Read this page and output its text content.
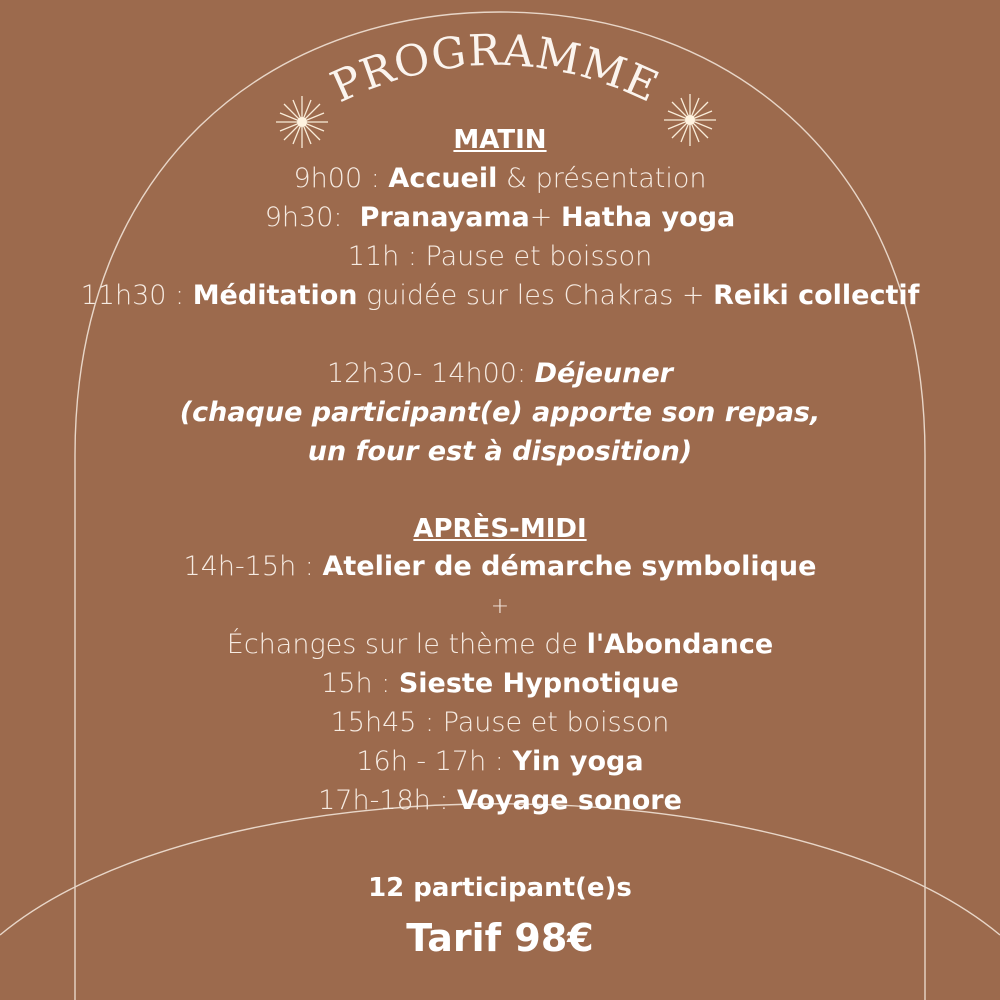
PROGRAMME
MATIN
9h00 : Accueil & présentation
9h30:  Pranayama+ Hatha yoga
11h : Pause et boisson
11h30 : Méditation guidée sur les Chakras + Reiki collectif
12h30- 14h00: Déjeuner
(chaque participant(e) apporte son repas,
un four est à disposition)
APRÈS-MIDI
14h-15h : Atelier de démarche symbolique
+
Échanges sur le thème de l'Abondance
15h : Sieste Hypnotique
15h45 : Pause et boisson
16h - 17h : Yin yoga
17h-18h : Voyage sonore
12 participant(e)s
Tarif 98€
